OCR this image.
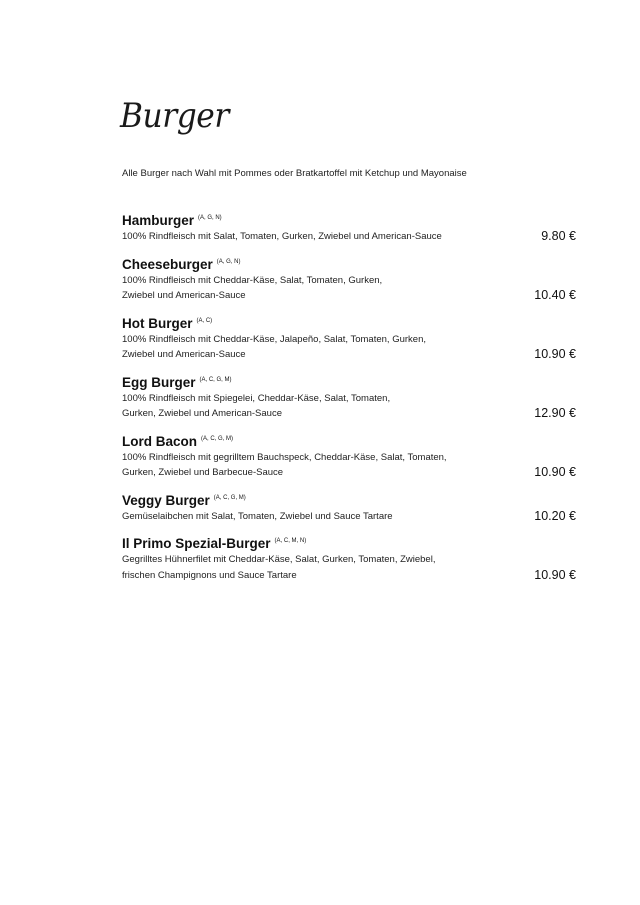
Burger
Alle Burger nach Wahl mit Pommes oder Bratkartoffel mit Ketchup und Mayonaise
Hamburger $^{(A, G, N)}$
100% Rindfleisch mit Salat, Tomaten, Gurken, Zwiebel und American-Sauce	9.80 €
Cheeseburger $^{(A, G, N)}$
100% Rindfleisch mit Cheddar-Käse, Salat, Tomaten, Gurken,
Zwiebel und American-Sauce	10.40 €
Hot Burger $^{(A, C)}$
100% Rindfleisch mit Cheddar-Käse, Jalapeño, Salat, Tomaten, Gurken,
Zwiebel und American-Sauce	10.90 €
Egg Burger $^{(A, C, G, M)}$
100% Rindfleisch mit Spiegelei, Cheddar-Käse, Salat, Tomaten,
Gurken, Zwiebel und American-Sauce	12.90 €
Lord Bacon $^{(A, C, G, M)}$
100% Rindfleisch mit gegrilltem Bauchspeck, Cheddar-Käse, Salat, Tomaten,
Gurken, Zwiebel und Barbecue-Sauce	10.90 €
Veggy Burger $^{(A, C, G, M)}$
Gemüselaibchen mit Salat, Tomaten, Zwiebel und Sauce Tartare	10.20 €
Il Primo Spezial-Burger $^{(A, C, M, N)}$
Gegrilltes Hühnerfilet mit Cheddar-Käse, Salat, Gurken, Tomaten, Zwiebel,
frischen Champignons und Sauce Tartare	10.90 €
